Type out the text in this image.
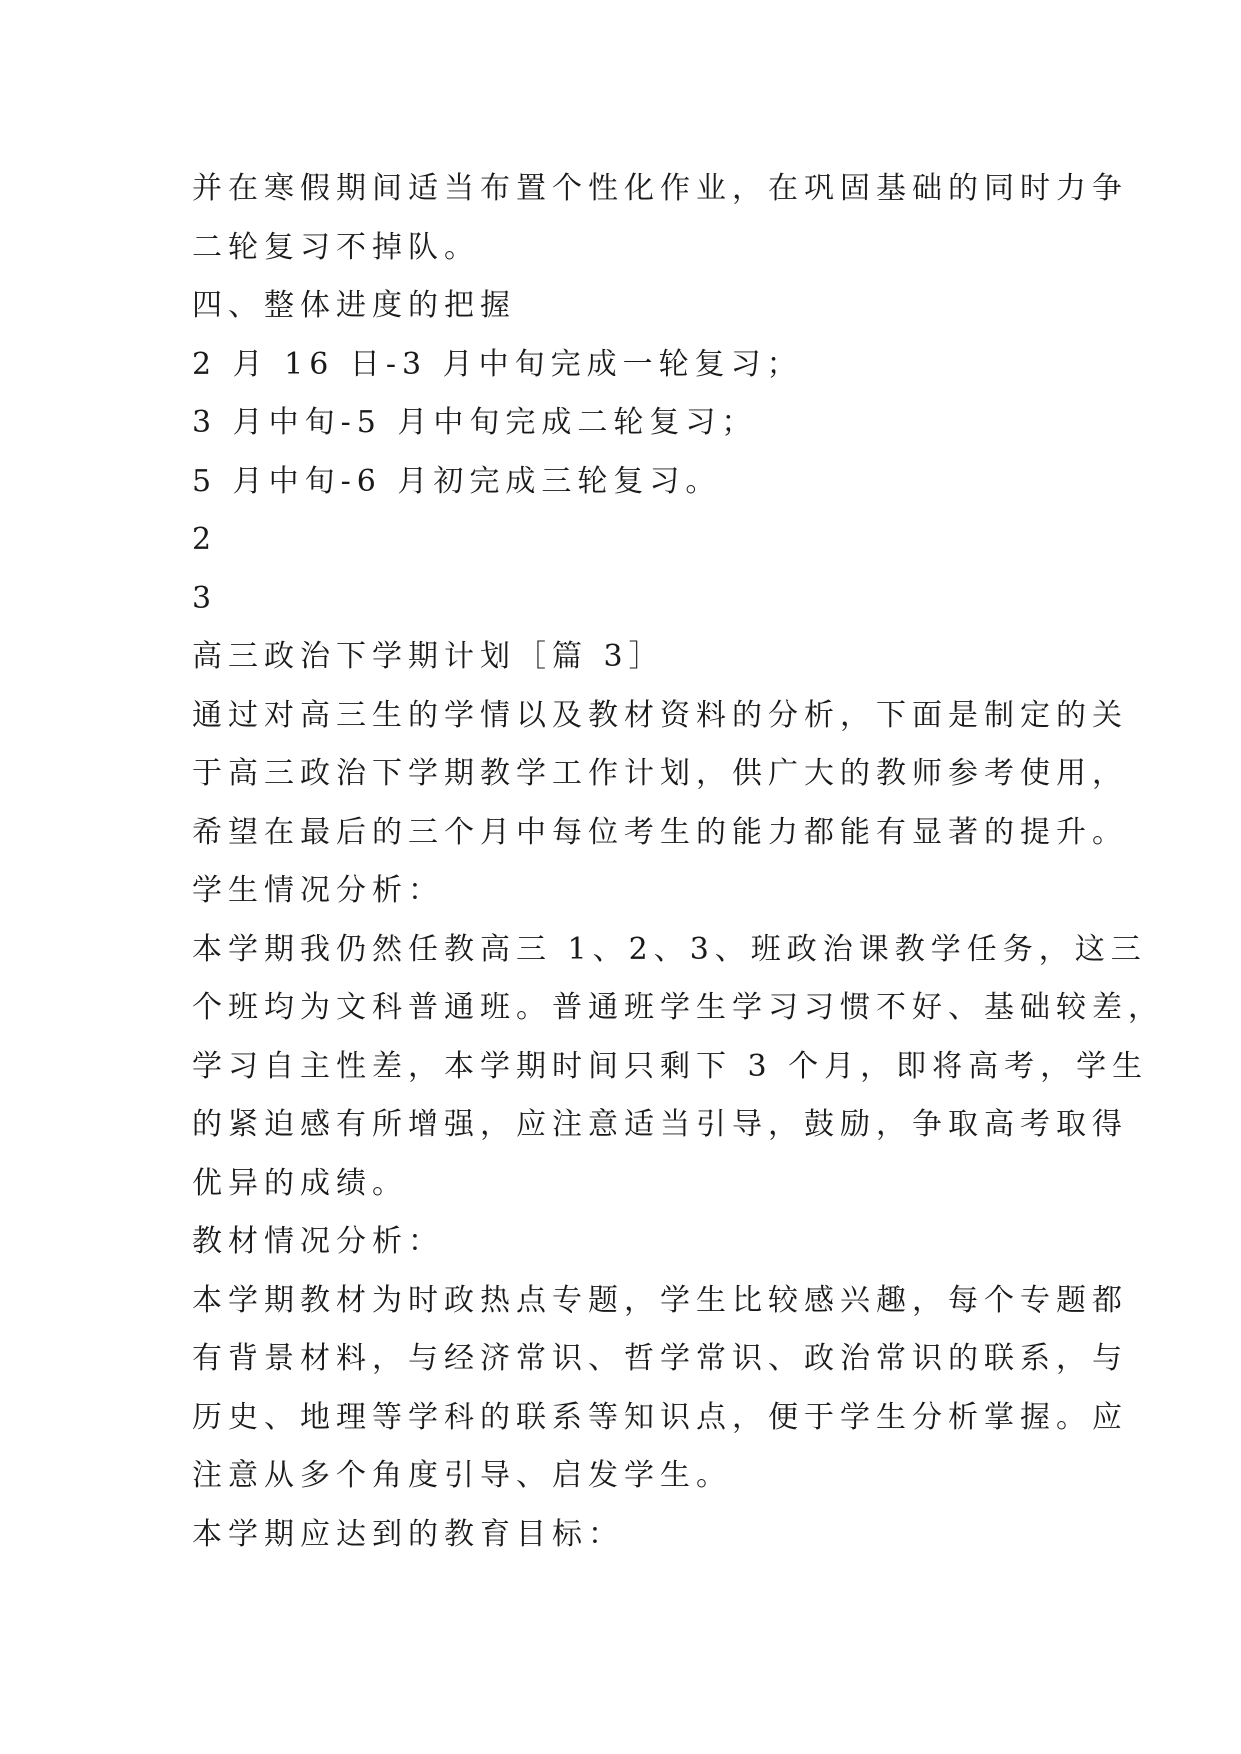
并在寒假期间适当布置个性化作业，在巩固基础的同时力争
二轮复习不掉队。
四、整体进度的把握
2 月 16 日-3 月中旬完成一轮复习；
3 月中旬-5 月中旬完成二轮复习；
5 月中旬-6 月初完成三轮复习。
2
3
高三政治下学期计划［篇 3］
通过对高三生的学情以及教材资料的分析，下面是制定的关
于高三政治下学期教学工作计划，供广大的教师参考使用，
希望在最后的三个月中每位考生的能力都能有显著的提升。
学生情况分析：
本学期我仍然任教高三 1、2、3、班政治课教学任务，这三
个班均为文科普通班。普通班学生学习习惯不好、基础较差，
学习自主性差，本学期时间只剩下 3 个月，即将高考，学生
的紧迫感有所增强，应注意适当引导，鼓励，争取高考取得
优异的成绩。
教材情况分析：
本学期教材为时政热点专题，学生比较感兴趣，每个专题都
有背景材料，与经济常识、哲学常识、政治常识的联系，与
历史、地理等学科的联系等知识点，便于学生分析掌握。应
注意从多个角度引导、启发学生。
本学期应达到的教育目标：
